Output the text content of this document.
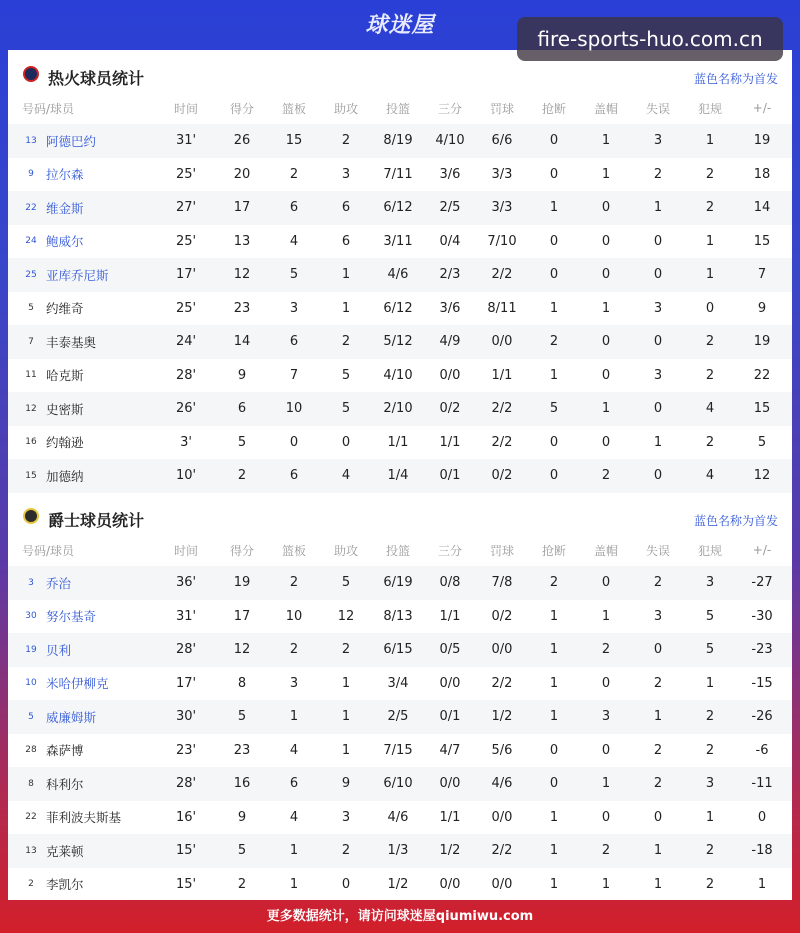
球迷屋
fire-sports-huo.com.cn
热火球员统计	蓝色名称为首发
号码/球员	时间	得分	篮板	助攻	投篮	三分	罚球	抢断	盖帽	失误	犯规	+/-
13 阿德巴约	31'	26	15	2	8/19	4/10	6/6	0	1	3	1	19
9 拉尔森	25'	20	2	3	7/11	3/6	3/3	0	1	2	2	18
22 维金斯	27'	17	6	6	6/12	2/5	3/3	1	0	1	2	14
24 鲍威尔	25'	13	4	6	3/11	0/4	7/10	0	0	0	1	15
25 亚库乔尼斯	17'	12	5	1	4/6	2/3	2/2	0	0	0	1	7
5 约维奇	25'	23	3	1	6/12	3/6	8/11	1	1	3	0	9
7 丰泰基奥	24'	14	6	2	5/12	4/9	0/0	2	0	0	2	19
11 哈克斯	28'	9	7	5	4/10	0/0	1/1	1	0	3	2	22
12 史密斯	26'	6	10	5	2/10	0/2	2/2	5	1	0	4	15
16 约翰逊	3'	5	0	0	1/1	1/1	2/2	0	0	1	2	5
15 加德纳	10'	2	6	4	1/4	0/1	0/2	0	2	0	4	12
爵士球员统计	蓝色名称为首发
号码/球员	时间	得分	篮板	助攻	投篮	三分	罚球	抢断	盖帽	失误	犯规	+/-
3 乔治	36'	19	2	5	6/19	0/8	7/8	2	0	2	3	-27
30 努尔基奇	31'	17	10	12	8/13	1/1	0/2	1	1	3	5	-30
19 贝利	28'	12	2	2	6/15	0/5	0/0	1	2	0	5	-23
10 米哈伊柳克	17'	8	3	1	3/4	0/0	2/2	1	0	2	1	-15
5 威廉姆斯	30'	5	1	1	2/5	0/1	1/2	1	3	1	2	-26
28 森萨博	23'	23	4	1	7/15	4/7	5/6	0	0	2	2	-6
8 科利尔	28'	16	6	9	6/10	0/0	4/6	0	1	2	3	-11
22 菲利波夫斯基	16'	9	4	3	4/6	1/1	0/0	1	0	0	1	0
13 克莱顿	15'	5	1	2	1/3	1/2	2/2	1	2	1	2	-18
2 李凯尔	15'	2	1	0	1/2	0/0	0/0	1	1	1	2	1
更多数据统计，请访问球迷屋qiumiwu.com
